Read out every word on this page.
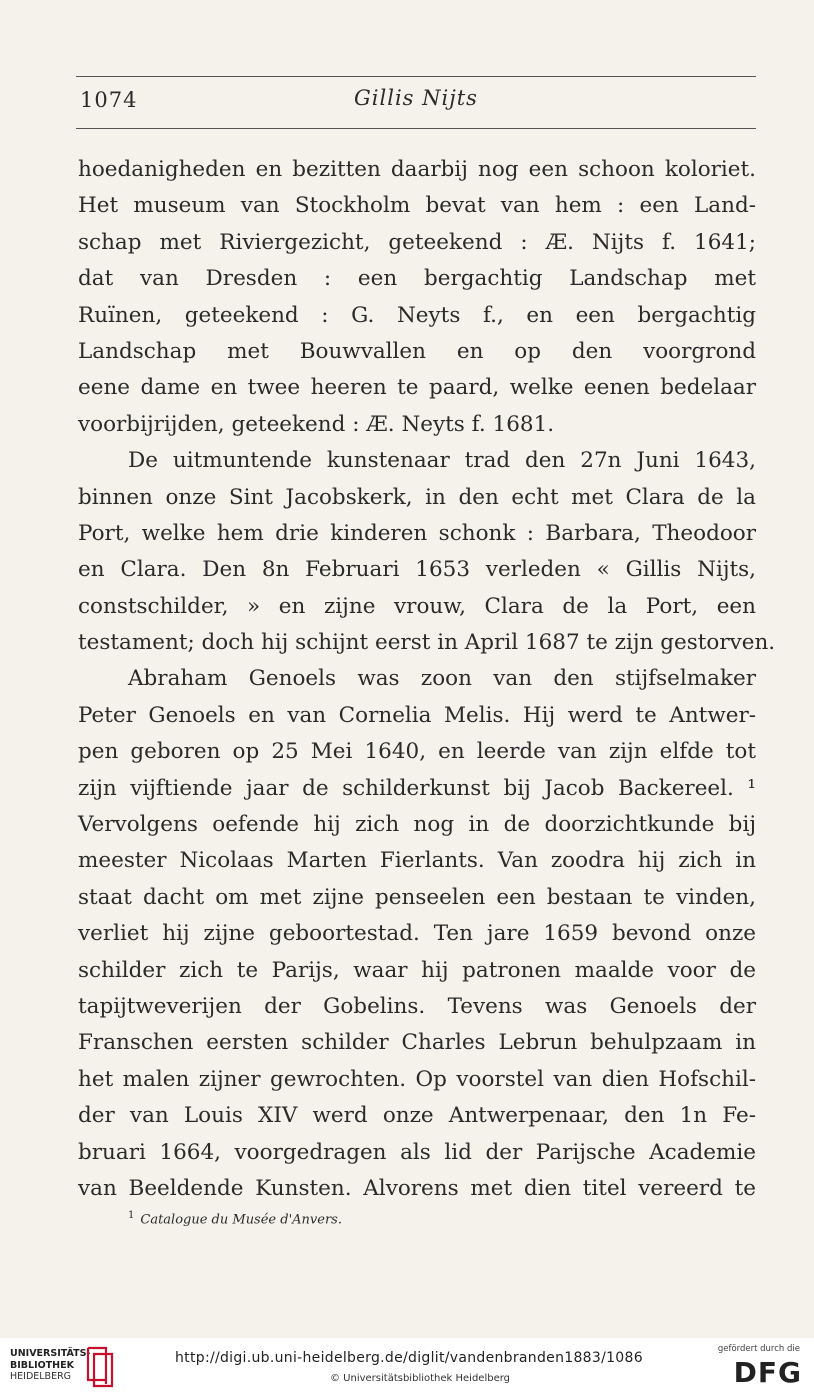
1074	Gillis Nijts
hoedanigheden en bezitten daarbij nog een schoon koloriet.
Het museum van Stockholm bevat van hem : een Land-
schap met Riviergezicht, geteekend : Æ. Nijts f. 1641;
dat van Dresden : een bergachtig Landschap met
Ruïnen, geteekend : G. Neyts f., en een bergachtig
Landschap met Bouwvallen en op den voorgrond
eene dame en twee heeren te paard, welke eenen bedelaar
voorbijrijden, geteekend : Æ. Neyts f. 1681.
De uitmuntende kunstenaar trad den 27n Juni 1643,
binnen onze Sint Jacobskerk, in den echt met Clara de la
Port, welke hem drie kinderen schonk : Barbara, Theodoor
en Clara. Den 8n Februari 1653 verleden « Gillis Nijts,
constschilder, » en zijne vrouw, Clara de la Port, een
testament; doch hij schijnt eerst in April 1687 te zijn gestorven.
Abraham Genoels was zoon van den stijfselmaker
Peter Genoels en van Cornelia Melis. Hij werd te Antwer-
pen geboren op 25 Mei 1640, en leerde van zijn elfde tot
zijn vijftiende jaar de schilderkunst bij Jacob Backereel. ¹
Vervolgens oefende hij zich nog in de doorzichtkunde bij
meester Nicolaas Marten Fierlants. Van zoodra hij zich in
staat dacht om met zijne penseelen een bestaan te vinden,
verliet hij zijne geboortestad. Ten jare 1659 bevond onze
schilder zich te Parijs, waar hij patronen maalde voor de
tapijtweverijen der Gobelins. Tevens was Genoels der
Franschen eersten schilder Charles Lebrun behulpzaam in
het malen zijner gewrochten. Op voorstel van dien Hofschil-
der van Louis XIV werd onze Antwerpenaar, den 1n Fe-
bruari 1664, voorgedragen als lid der Parijsche Academie
van Beeldende Kunsten. Alvorens met dien titel vereerd te
$^1$ Catalogue du Musée d'Anvers.
UNIVERSITÄTS-
BIBLIOTHEK
HEIDELBERG
http://digi.ub.uni-heidelberg.de/diglit/vandenbranden1883/1086
© Universitätsbibliothek Heidelberg
gefördert durch die
DFG
